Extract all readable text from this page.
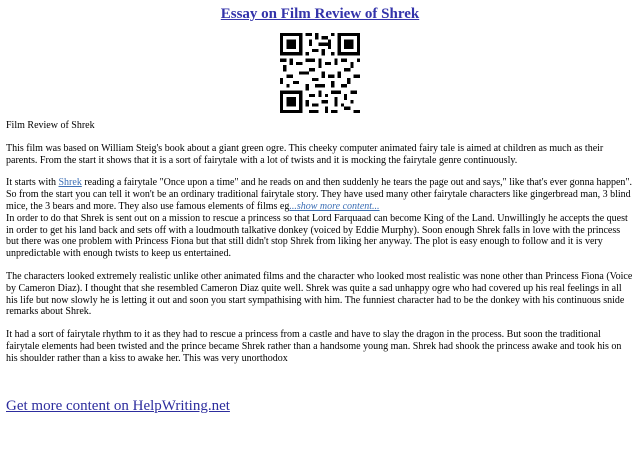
Essay on Film Review of Shrek

Film Review of Shrek

This film was based on William Steig's book about a giant green ogre. This cheeky computer animated fairy tale is aimed at children as much as their parents. From the start it shows that it is a sort of fairytale with a lot of twists and it is mocking the fairytale genre continuously.

It starts with Shrek reading a fairytale "Once upon a time" and he reads on and then suddenly he tears the page out and says," like that's ever gonna happen". So from the start you can tell it won't be an ordinary traditional fairytale story. They have used many other fairytale characters like gingerbread man, 3 blind mice, the 3 bears and more. They also use famous elements of films eg...show more content...

In order to do that Shrek is sent out on a mission to rescue a princess so that Lord Farquaad can become King of the Land. Unwillingly he accepts the quest in order to get his land back and sets off with a loudmouth talkative donkey (voiced by Eddie Murphy). Soon enough Shrek falls in love with the princess but there was one problem with Princess Fiona but that still didn't stop Shrek from liking her anyway. The plot is easy enough to follow and it is very unpredictable with enough twists to keep us entertained.

The characters looked extremely realistic unlike other animated films and the character who looked most realistic was none other than Princess Fiona (Voice by Cameron Diaz). I thought that she resembled Cameron Diaz quite well. Shrek was quite a sad unhappy ogre who had covered up his real feelings in all his life but now slowly he is letting it out and soon you start sympathising with him. The funniest character had to be the donkey with his continuous snide remarks about Shrek.

It had a sort of fairytale rhythm to it as they had to rescue a princess from a castle and have to slay the dragon in the process. But soon the traditional fairytale elements had been twisted and the prince became Shrek rather than a handsome young man. Shrek had shook the princess awake and took his on his shoulder rather than a kiss to awake her. This was very unorthodox

Get more content on HelpWriting.net
